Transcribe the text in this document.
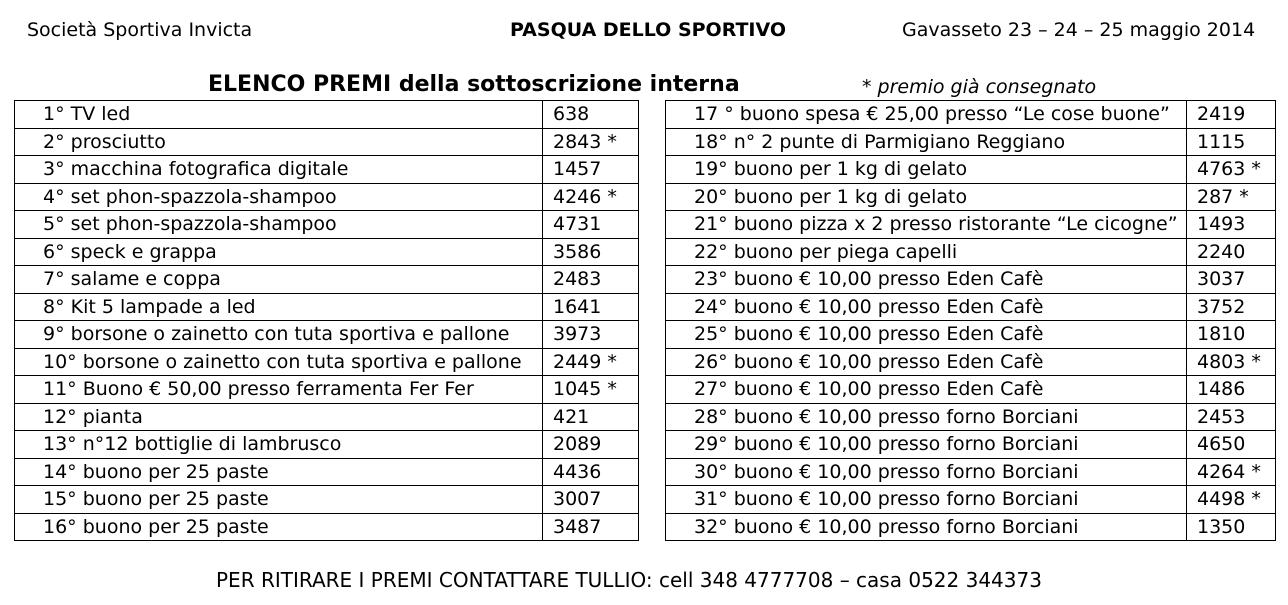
Società Sportiva Invicta	PASQUA DELLO SPORTIVO	Gavasseto 23 – 24 – 25 maggio 2014
ELENCO PREMI della sottoscrizione interna	* premio già consegnato
1° TV led	638
2° prosciutto	2843 *
3° macchina fotografica digitale	1457
4° set phon-spazzola-shampoo	4246 *
5° set phon-spazzola-shampoo	4731
6° speck e grappa	3586
7° salame e coppa	2483
8° Kit 5 lampade a led	1641
9° borsone o zainetto con tuta sportiva e pallone	3973
10° borsone o zainetto con tuta sportiva e pallone	2449 *
11° Buono € 50,00 presso ferramenta Fer Fer	1045 *
12° pianta	421
13° n°12 bottiglie di lambrusco	2089
14° buono per 25 paste	4436
15° buono per 25 paste	3007
16° buono per 25 paste	3487
17 ° buono spesa € 25,00 presso “Le cose buone”	2419
18° n° 2 punte di Parmigiano Reggiano	1115
19° buono per 1 kg di gelato	4763 *
20° buono per 1 kg di gelato	287 *
21° buono pizza x 2 presso ristorante “Le cicogne”	1493
22° buono per piega capelli	2240
23° buono € 10,00 presso Eden Cafè	3037
24° buono € 10,00 presso Eden Cafè	3752
25° buono € 10,00 presso Eden Cafè	1810
26° buono € 10,00 presso Eden Cafè	4803 *
27° buono € 10,00 presso Eden Cafè	1486
28° buono € 10,00 presso forno Borciani	2453
29° buono € 10,00 presso forno Borciani	4650
30° buono € 10,00 presso forno Borciani	4264 *
31° buono € 10,00 presso forno Borciani	4498 *
32° buono € 10,00 presso forno Borciani	1350
PER RITIRARE I PREMI CONTATTARE TULLIO: cell 348 4777708 – casa 0522 344373
